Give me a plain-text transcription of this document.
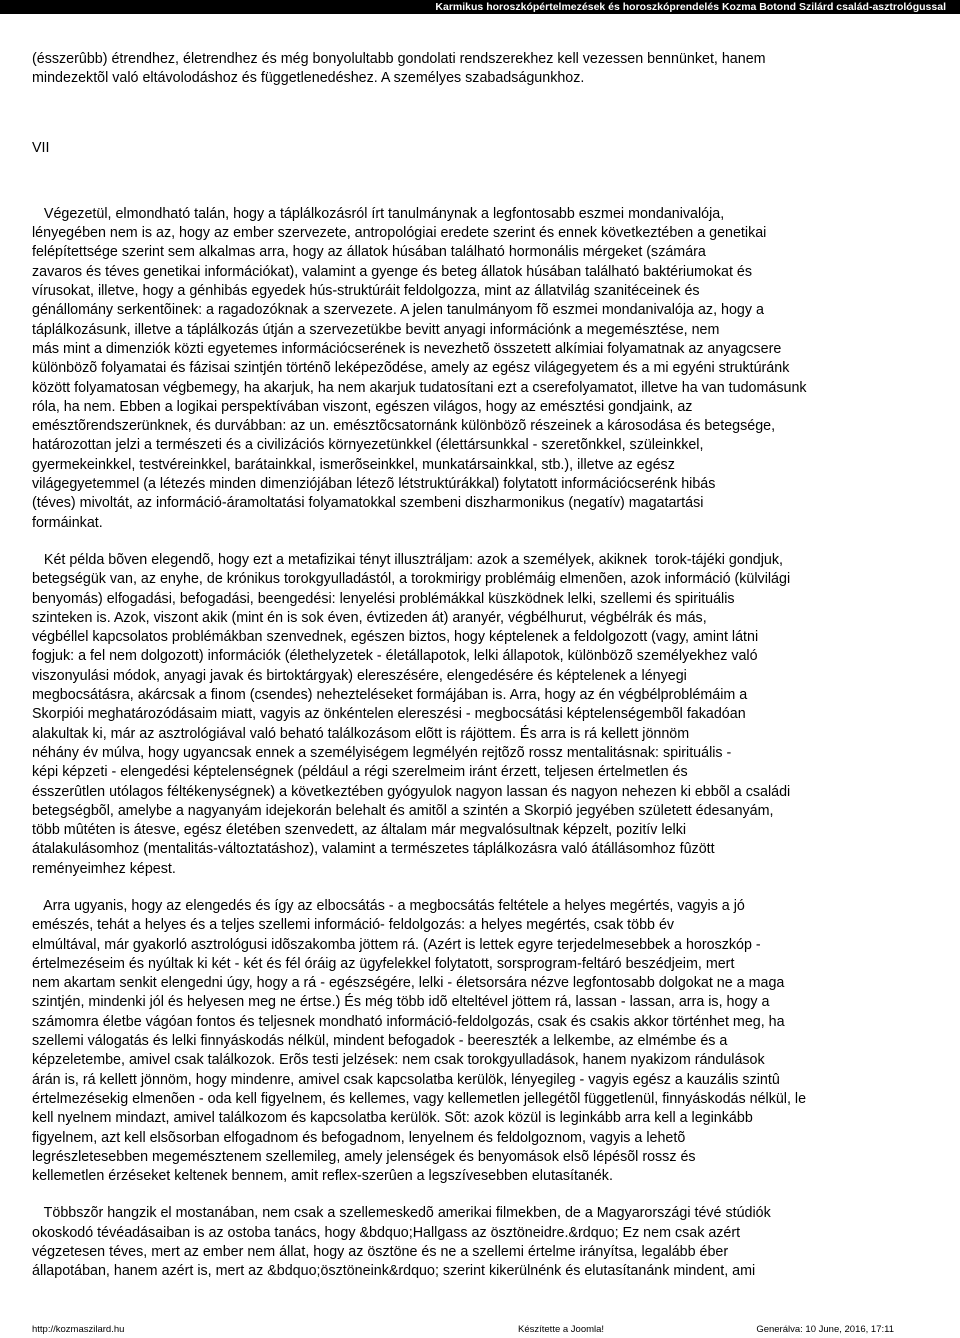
Karmikus horoszkópértelmezések és horoszkóprendelés Kozma Botond Szilárd család-asztrológussal

(ésszerûbb) étrendhez, életrendhez és még bonyolultabb gondolati rendszerekhez kell vezessen bennünket, hanem

mindezektõl való eltávolodáshoz és függetlenedéshez. A személyes szabadságunkhoz.

VII

Végezetül, elmondható talán, hogy a táplálkozásról írt tanulmánynak a legfontosabb eszmei mondanivalója,

lényegében nem is az, hogy az ember szervezete, antropológiai eredete szerint és ennek következtében a genetikai

felépítettsége szerint sem alkalmas arra, hogy az állatok húsában található hormonális mérgeket (számára

zavaros és téves genetikai információkat), valamint a gyenge és beteg állatok húsában található baktériumokat és

vírusokat, illetve, hogy a génhibás egyedek hús-struktúráit feldolgozza, mint az állatvilág szanitéceinek és

génállomány serkentõinek: a ragadozóknak a szervezete. A jelen tanulmányom fõ eszmei mondanivalója az, hogy a

táplálkozásunk, illetve a táplálkozás útján a szervezetükbe bevitt anyagi információnk a megemésztése, nem

más mint a dimenziók közti egyetemes információcserének is nevezhetõ összetett alkímiai folyamatnak az anyagcsere

különbözõ folyamatai és fázisai szintjén történõ leképezõdése, amely az egész világegyetem és a mi egyéni struktúránk

között folyamatosan végbemegy, ha akarjuk, ha nem akarjuk tudatosítani ezt a cserefolyamatot, illetve ha van tudomásunk

róla, ha nem. Ebben a logikai perspektívában viszont, egészen világos, hogy az emésztési gondjaink, az

emésztõrendszerünknek, és durvábban: az un. emésztõcsatornánk különbözõ részeinek a károsodása és betegsége,

határozottan jelzi a természeti és a civilizációs környezetünkkel (élettársunkkal - szeretõnkkel, szüleinkkel,

gyermekeinkkel, testvéreinkkel, barátainkkal, ismerõseinkkel, munkatársainkkal, stb.), illetve az egész

világegyetemmel (a létezés minden dimenziójában létezõ létstruktúrákkal) folytatott információcserénk hibás

(téves) mivoltát, az információ-áramoltatási folyamatokkal szembeni diszharmonikus (negatív) magatartási

formáinkat.

Két példa bõven elegendõ, hogy ezt a metafizikai tényt illusztráljam: azok a személyek, akiknek  torok-tájéki gondjuk,

betegségük van, az enyhe, de krónikus torokgyulladástól, a torokmirigy problémáig elmenõen, azok információ (külvilági

benyomás) elfogadási, befogadási, beengedési: lenyelési problémákkal küszködnek lelki, szellemi és spirituális

szinteken is. Azok, viszont akik (mint én is sok éven, évtizeden át) aranyér, végbélhurut, végbélrák és más,

végbéllel kapcsolatos problémákban szenvednek, egészen biztos, hogy képtelenek a feldolgozott (vagy, amint látni

fogjuk: a fel nem dolgozott) információk (élethelyzetek - életállapotok, lelki állapotok, különbözõ személyekhez való

viszonyulási módok, anyagi javak és birtoktárgyak) elereszésére, elengedésére és képtelenek a lényegi

megbocsátásra, akárcsak a finom (csendes) nehezteléseket formájában is. Arra, hogy az én végbélproblémáim a

Skorpiói meghatározódásaim miatt, vagyis az önkéntelen elereszési - megbocsátási képtelenségembõl fakadóan

alakultak ki, már az asztrológiával való beható találkozásom elõtt is rájöttem. És arra is rá kellett jönnöm

néhány év múlva, hogy ugyancsak ennek a személyiségem legmélyén rejtõzõ rossz mentalitásnak: spirituális -

képi képzeti - elengedési képtelenségnek (például a régi szerelmeim iránt érzett, teljesen értelmetlen és

ésszerûtlen utólagos féltékenységnek) a következtében gyógyulok nagyon lassan és nagyon nehezen ki ebbõl a családi

betegségbõl, amelybe a nagyanyám idejekorán belehalt és amitõl a szintén a Skorpió jegyében született édesanyám,

több mûtéten is átesve, egész életében szenvedett, az általam már megvalósultnak képzelt, pozitív lelki

átalakulásomhoz (mentalitás-változtatáshoz), valamint a természetes táplálkozásra való átállásomhoz fûzött

reményeimhez képest.

Arra ugyanis, hogy az elengedés és így az elbocsátás - a megbocsátás feltétele a helyes megértés, vagyis a jó

emészés, tehát a helyes és a teljes szellemi információ- feldolgozás: a helyes megértés, csak több év

elmúltával, már gyakorló asztrológusi idõszakomba jöttem rá. (Azért is lettek egyre terjedelmesebbek a horoszkóp -

értelmezéseim és nyúltak ki két - két és fél óráig az ügyfelekkel folytatott, sorsprogram-feltáró beszédjeim, mert

nem akartam senkit elengedni úgy, hogy a rá - egészségére, lelki - életsorsára nézve legfontosabb dolgokat ne a maga

szintjén, mindenki jól és helyesen meg ne értse.) És még több idõ elteltével jöttem rá, lassan - lassan, arra is, hogy a

számomra életbe vágóan fontos és teljesnek mondható információ-feldolgozás, csak és csakis akkor történhet meg, ha

szellemi válogatás és lelki finnyáskodás nélkül, mindent befogadok - beereszték a lelkembe, az elmémbe és a

képzeletembe, amivel csak találkozok. Erõs testi jelzések: nem csak torokgyulladások, hanem nyakizom rándulások

árán is, rá kellett jönnöm, hogy mindenre, amivel csak kapcsolatba kerülök, lényegileg - vagyis egész a kauzális szintû

értelmezésekig elmenõen - oda kell figyelnem, és kellemes, vagy kellemetlen jellegétõl függetlenül, finnyáskodás nélkül, le

kell nyelnem mindazt, amivel találkozom és kapcsolatba kerülök. Sõt: azok közül is leginkább arra kell a leginkább

figyelnem, azt kell elsõsorban elfogadnom és befogadnom, lenyelnem és feldolgoznom, vagyis a lehetõ

legrészletesebben megemésztenem szellemileg, amely jelenségek és benyomások elsõ lépésõl rossz és

kellemetlen érzéseket keltenek bennem, amit reflex-szerûen a legszívesebben elutasítanék.

Többszõr hangzik el mostanában, nem csak a szellemeskedõ amerikai filmekben, de a Magyarországi tévé stúdiók

okoskodó tévéadásaiban is az ostoba tanács, hogy &bdquo;Hallgass az ösztöneidre.&rdquo; Ez nem csak azért

végzetesen téves, mert az ember nem állat, hogy az ösztöne és ne a szellemi értelme irányítsa, legalább éber

állapotában, hanem azért is, mert az &bdquo;ösztöneink&rdquo; szerint kikerülnénk és elutasítanánk mindent, ami

http://kozmaszilard.hu	Készítette a Joomla!	Generálva: 10 June, 2016, 17:11
